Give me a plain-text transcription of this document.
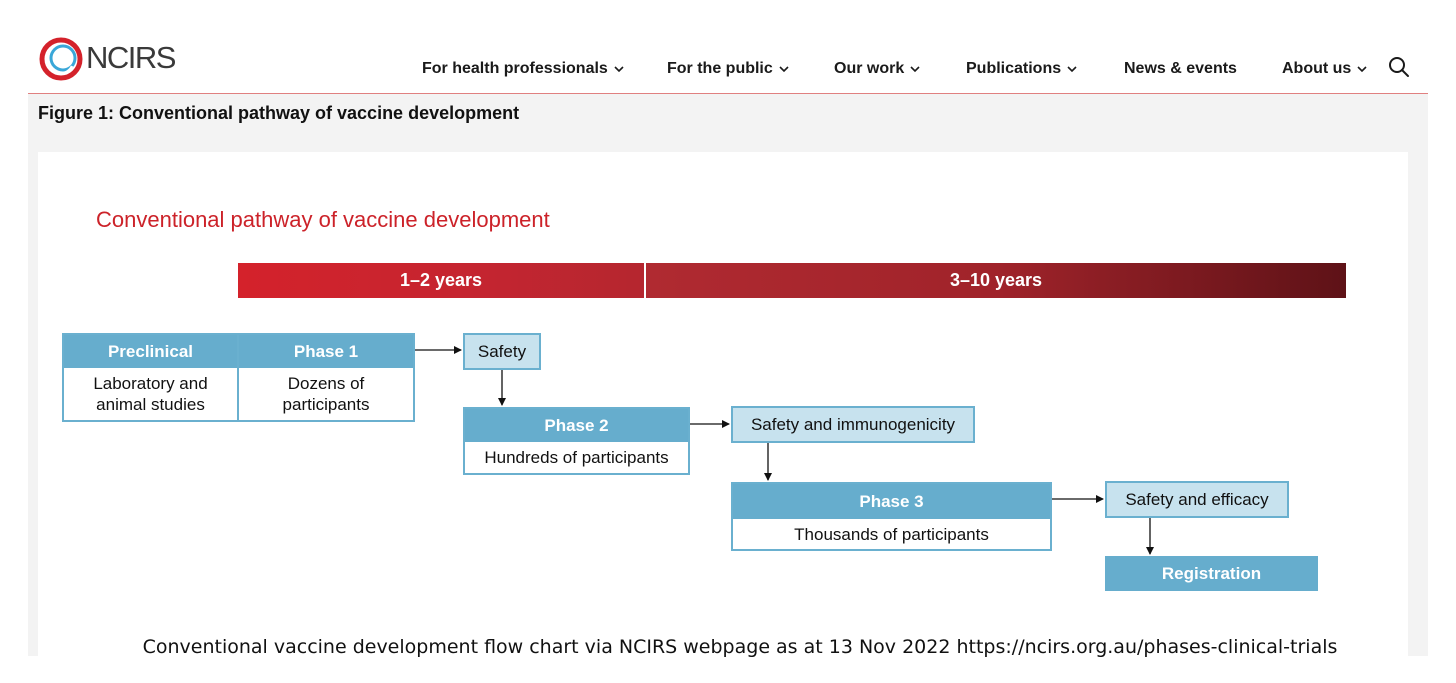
NCIRS	For health professionals	For the public	Our work	Publications	News & events	About us
Figure 1: Conventional pathway of vaccine development
Conventional pathway of vaccine development
1–2 years	3–10 years
Preclinical
Laboratory and animal studies
Phase 1
Dozens of participants
Safety
Phase 2
Hundreds of participants
Safety and immunogenicity
Phase 3
Thousands of participants
Safety and efficacy
Registration
Conventional vaccine development flow chart via NCIRS webpage as at 13 Nov 2022 https://ncirs.org.au/phases-clinical-trials
